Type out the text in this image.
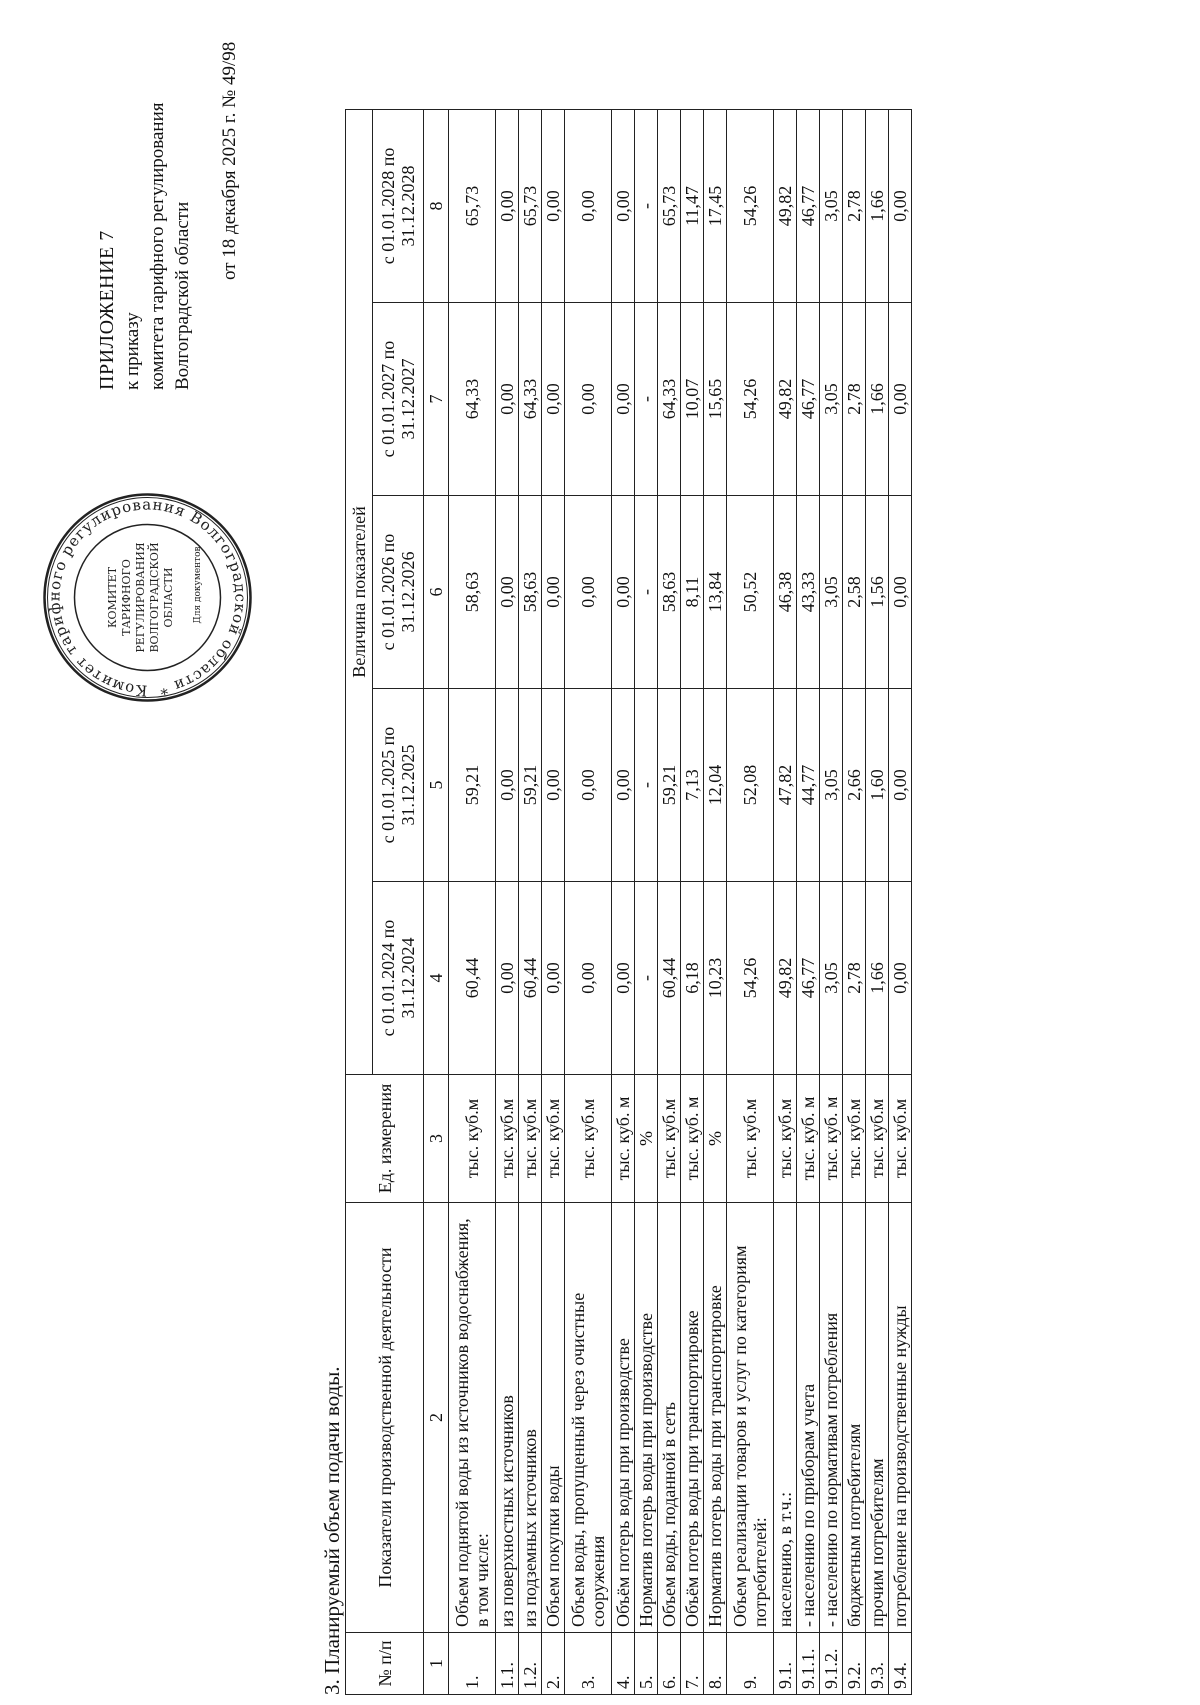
Комитет тарифного регулирования Волгоградской области *
КОМИТЕТ ТАРИФНОГО РЕГУЛИРОВАНИЯ ВОЛГОГРАДСКОЙ ОБЛАСТИ Для документов
ПРИЛОЖЕНИЕ 7 к приказу комитета тарифного регулирования Волгоградской области
от 18 декабря 2025 г. № 49/98
3. Планируемый объем подачи воды. № п/п	Показатели производственной деятельности	Ед. измерения	Величина показателей				
			с 01.01.2024 по 31.12.2024	с 01.01.2025 по 31.12.2025	с 01.01.2026 по 31.12.2026	с 01.01.2027 по 31.12.2027	с 01.01.2028 по 31.12.2028
1	2	3	4	5	6	7	8
1.	Объем поднятой воды из источников водоснабжения, в том числе:	тыс. куб.м	60,44	59,21	58,63	64,33	65,73
1.1.	из поверхностных источников	тыс. куб.м	0,00	0,00	0,00	0,00	0,00
1.2.	из подземных источников	тыс. куб.м	60,44	59,21	58,63	64,33	65,73
2.	Объем покупки воды	тыс. куб.м	0,00	0,00	0,00	0,00	0,00
3.	Объем воды, пропущенный через очистные сооружения	тыс. куб.м	0,00	0,00	0,00	0,00	0,00
4.	Объём потерь воды при производстве	тыс. куб. м	0,00	0,00	0,00	0,00	0,00
5.	Норматив потерь воды при производстве	%	-	-	-	-	-
6.	Объем воды, поданной в сеть	тыс. куб.м	60,44	59,21	58,63	64,33	65,73
7.	Объём потерь воды при транспортировке	тыс. куб. м	6,18	7,13	8,11	10,07	11,47
8.	Норматив потерь воды при транспортировке	%	10,23	12,04	13,84	15,65	17,45
9.	Объем реализации товаров и услуг по категориям потребителей:	тыс. куб.м	54,26	52,08	50,52	54,26	54,26
9.1.	населению, в т.ч.:	тыс. куб.м	49,82	47,82	46,38	49,82	49,82
9.1.1.	- населению по приборам учета	тыс. куб. м	46,77	44,77	43,33	46,77	46,77
9.1.2.	- населению по нормативам потребления	тыс. куб. м	3,05	3,05	3,05	3,05	3,05
9.2.	бюджетным потребителям	тыс. куб.м	2,78	2,66	2,58	2,78	2,78
9.3.	прочим потребителям	тыс. куб.м	1,66	1,60	1,56	1,66	1,66
9.4.	потребление на производственные нужды	тыс. куб.м	0,00	0,00	0,00	0,00	0,00
